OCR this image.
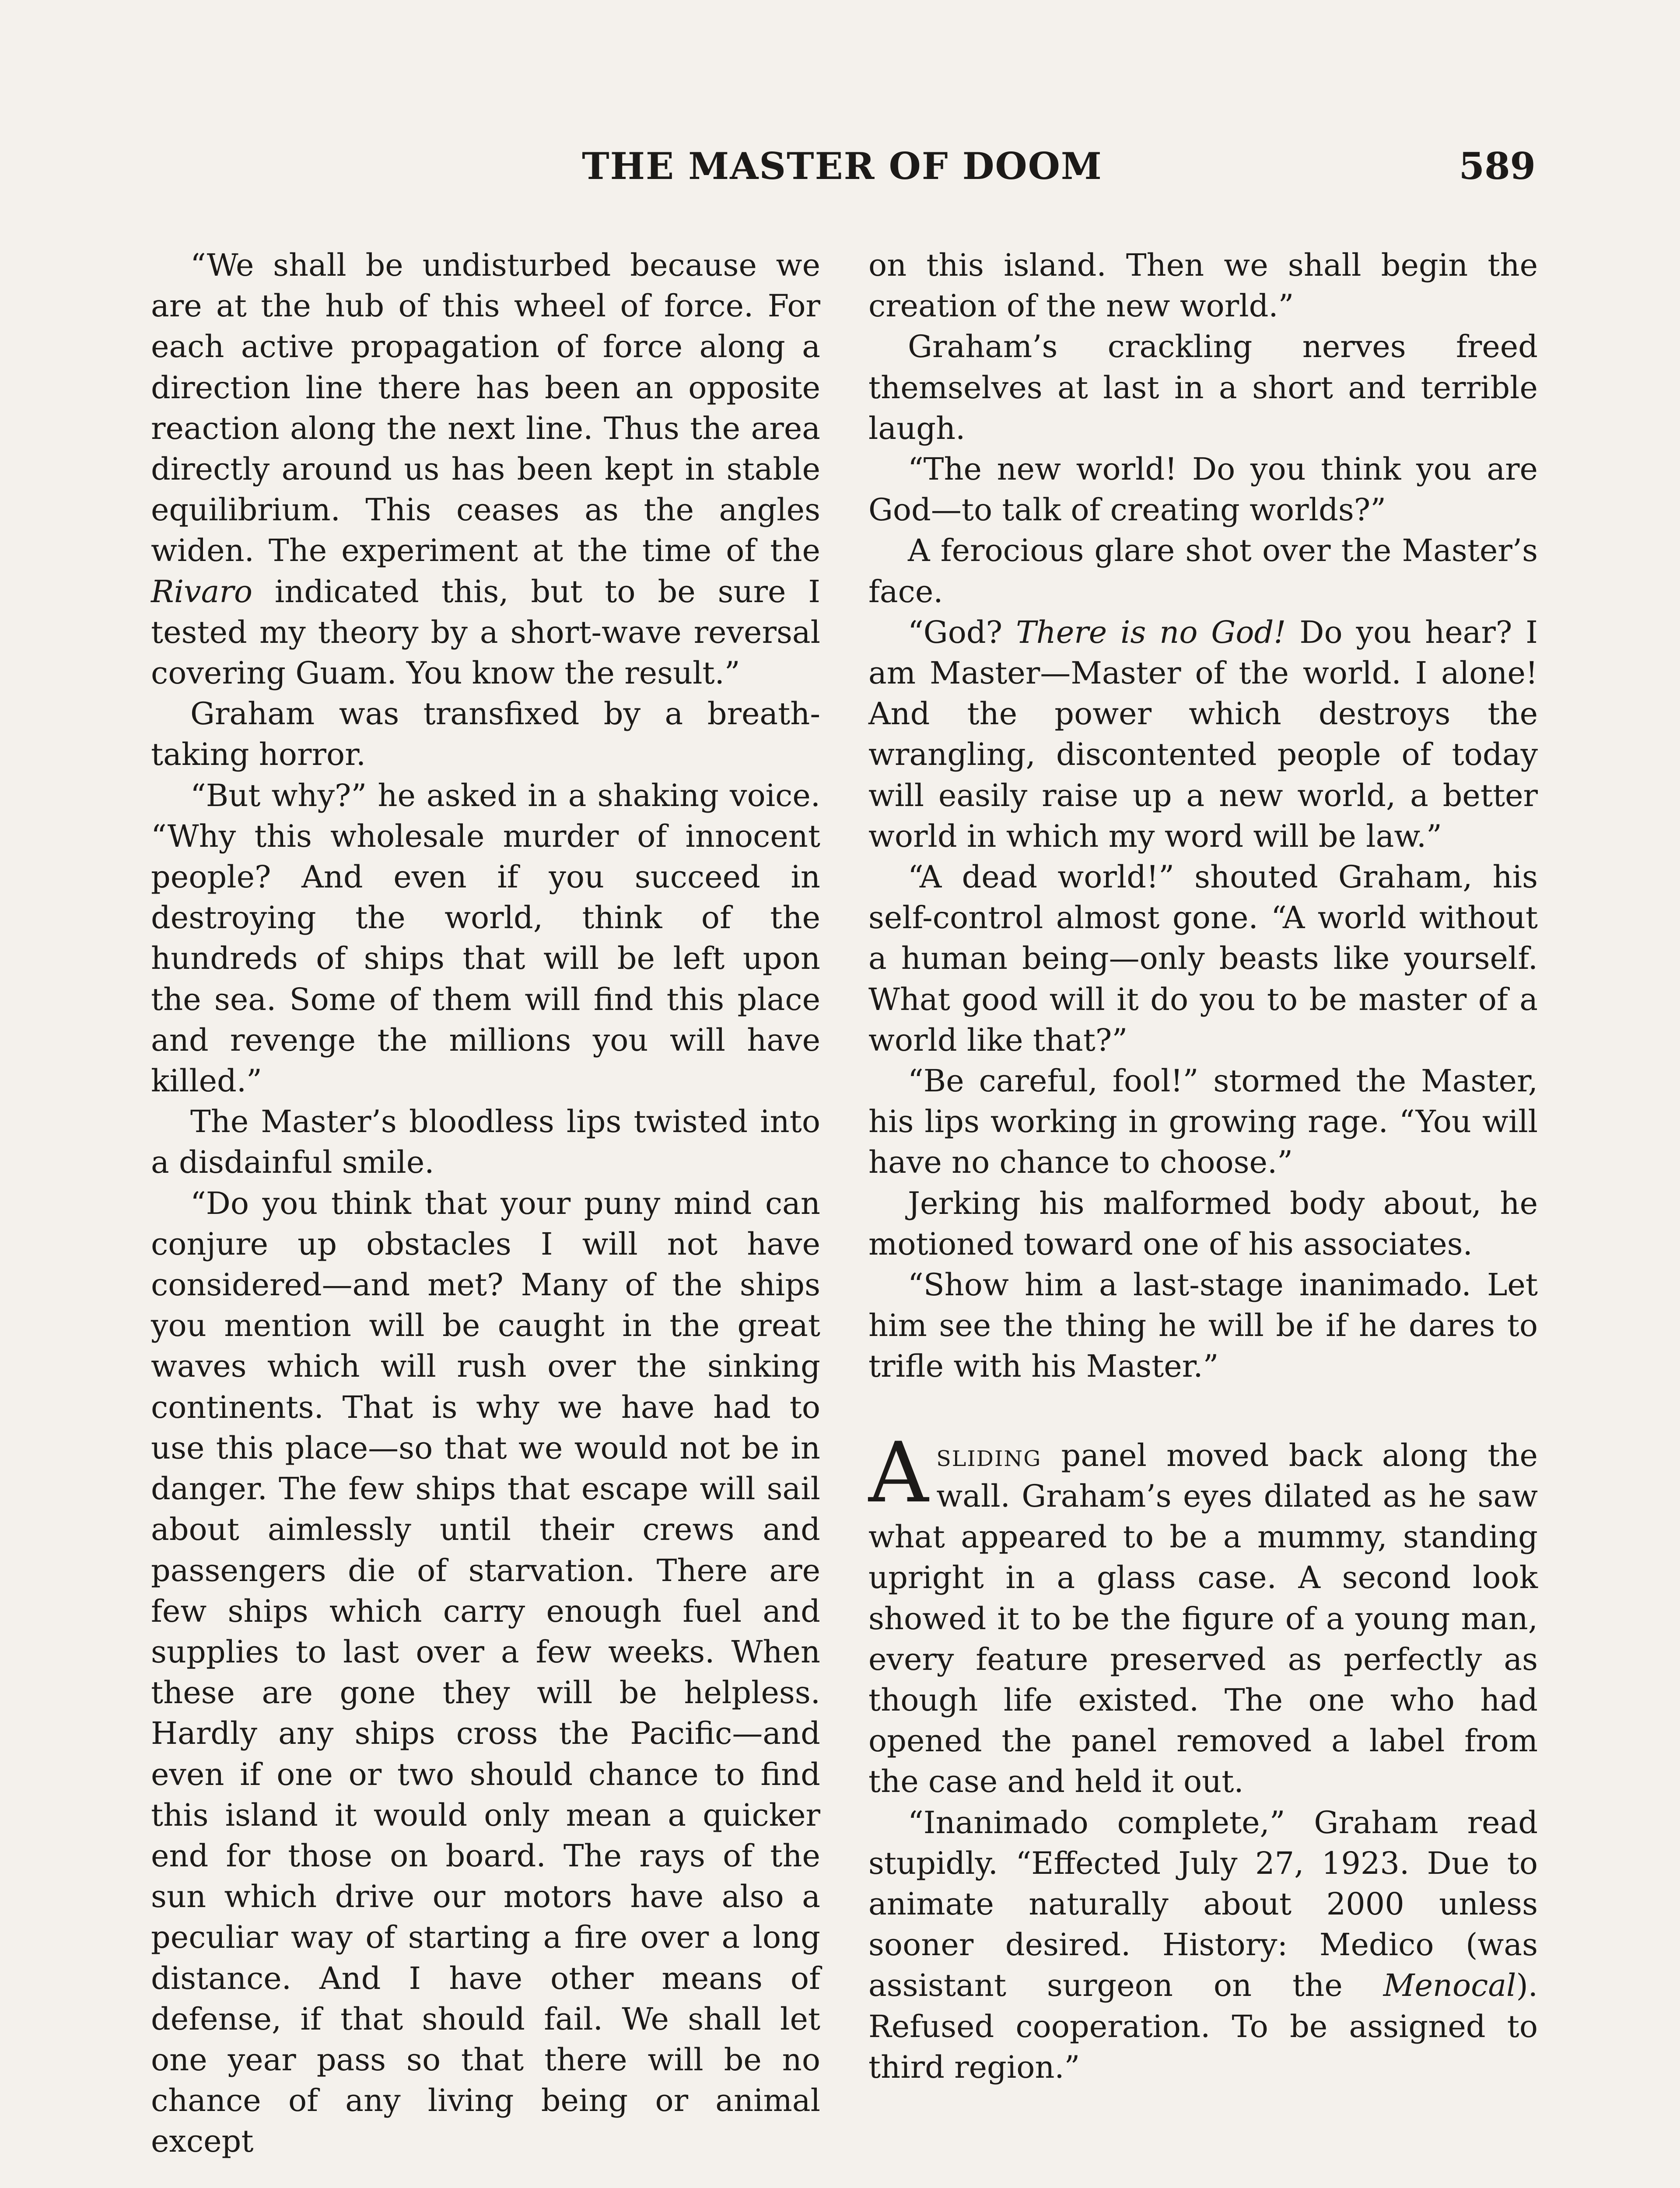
THE MASTER OF DOOM	589

“We shall be undisturbed because we are at the hub of this wheel of force. For each active propagation of force along a direction line there has been an opposite reaction along the next line. Thus the area directly around us has been kept in stable equilibrium. This ceases as the angles widen. The experiment at the time of the Rivaro indicated this, but to be sure I tested my theory by a short-wave reversal covering Guam. You know the result.”

Graham was transfixed by a breath-taking horror.

“But why?” he asked in a shaking voice. “Why this wholesale murder of innocent people? And even if you succeed in destroying the world, think of the hundreds of ships that will be left upon the sea. Some of them will find this place and revenge the millions you will have killed.”

The Master’s bloodless lips twisted into a disdainful smile.

“Do you think that your puny mind can conjure up obstacles I will not have considered—and met? Many of the ships you mention will be caught in the great waves which will rush over the sinking continents. That is why we have had to use this place—so that we would not be in danger. The few ships that escape will sail about aimlessly until their crews and passengers die of starvation. There are few ships which carry enough fuel and supplies to last over a few weeks. When these are gone they will be helpless. Hardly any ships cross the Pacific—and even if one or two should chance to find this island it would only mean a quicker end for those on board. The rays of the sun which drive our motors have also a peculiar way of starting a fire over a long distance. And I have other means of defense, if that should fail. We shall let one year pass so that there will be no chance of any living being or animal except

on this island. Then we shall begin the creation of the new world.”

Graham’s crackling nerves freed themselves at last in a short and terrible laugh.

“The new world! Do you think you are God—to talk of creating worlds?”

A ferocious glare shot over the Master’s face.

“God? There is no God! Do you hear? I am Master—Master of the world. I alone! And the power which destroys the wrangling, discontented people of today will easily raise up a new world, a better world in which my word will be law.”

“A dead world!” shouted Graham, his self-control almost gone. “A world without a human being—only beasts like yourself. What good will it do you to be master of a world like that?”

“Be careful, fool!” stormed the Master, his lips working in growing rage. “You will have no chance to choose.”

Jerking his malformed body about, he motioned toward one of his associates.

“Show him a last-stage inanimado. Let him see the thing he will be if he dares to trifle with his Master.”

Asliding panel moved back along the wall. Graham’s eyes dilated as he saw what appeared to be a mummy, standing upright in a glass case. A second look showed it to be the figure of a young man, every feature preserved as perfectly as though life existed. The one who had opened the panel removed a label from the case and held it out.

“Inanimado complete,” Graham read stupidly. “Effected July 27, 1923. Due to animate naturally about 2000 unless sooner desired. History: Medico (was assistant surgeon on the Menocal). Refused cooperation. To be assigned to third region.”
